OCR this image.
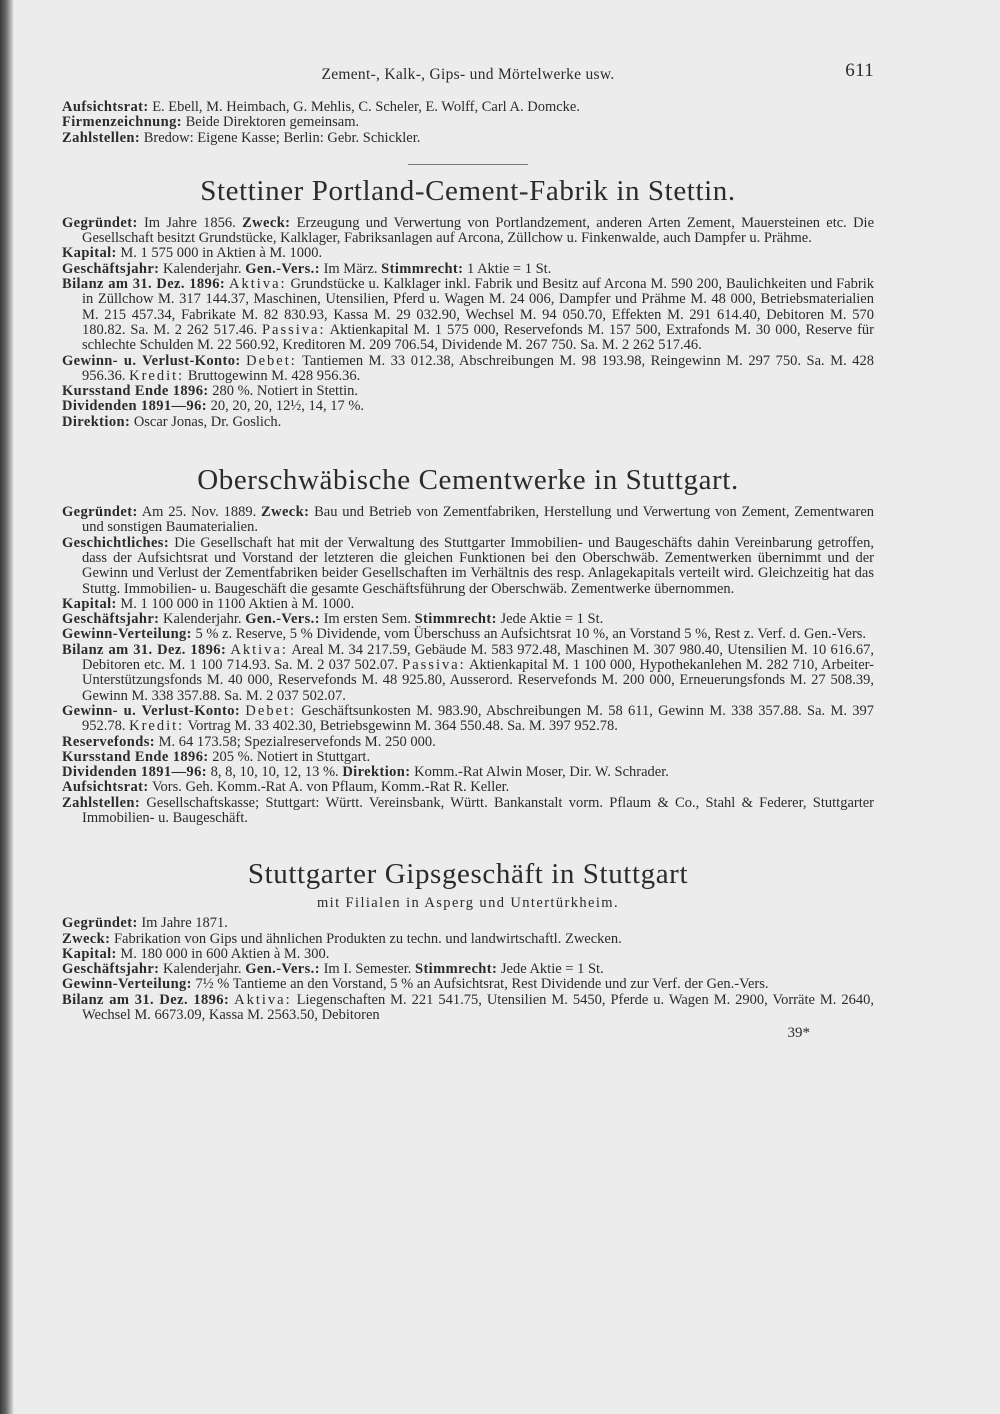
Zement-, Kalk-, Gips- und Mörtelwerke usw.	611

Aufsichtsrat: E. Ebell, M. Heimbach, G. Mehlis, C. Scheler, E. Wolff, Carl A. Domcke.

Firmenzeichnung: Beide Direktoren gemeinsam.

Zahlstellen: Bredow: Eigene Kasse; Berlin: Gebr. Schickler.

Stettiner Portland-Cement-Fabrik in Stettin.

Gegründet: Im Jahre 1856. Zweck: Erzeugung und Verwertung von Portlandzement, anderen Arten Zement, Mauersteinen etc. Die Gesellschaft besitzt Grundstücke, Kalklager, Fabriksanlagen auf Arcona, Züllchow u. Finkenwalde, auch Dampfer u. Prähme.

Kapital: M. 1 575 000 in Aktien à M. 1000.

Geschäftsjahr: Kalenderjahr. Gen.-Vers.: Im März. Stimmrecht: 1 Aktie = 1 St.

Bilanz am 31. Dez. 1896: Aktiva: Grundstücke u. Kalklager inkl. Fabrik und Besitz auf Arcona M. 590 200, Baulichkeiten und Fabrik in Züllchow M. 317 144.37, Maschinen, Utensilien, Pferd u. Wagen M. 24 006, Dampfer und Prähme M. 48 000, Betriebsmaterialien M. 215 457.34, Fabrikate M. 82 830.93, Kassa M. 29 032.90, Wechsel M. 94 050.70, Effekten M. 291 614.40, Debitoren M. 570 180.82. Sa. M. 2 262 517.46. Passiva: Aktienkapital M. 1 575 000, Reservefonds M. 157 500, Extrafonds M. 30 000, Reserve für schlechte Schulden M. 22 560.92, Kreditoren M. 209 706.54, Dividende M. 267 750. Sa. M. 2 262 517.46.

Gewinn- u. Verlust-Konto: Debet: Tantiemen M. 33 012.38, Abschreibungen M. 98 193.98, Reingewinn M. 297 750. Sa. M. 428 956.36. Kredit: Bruttogewinn M. 428 956.36.

Kursstand Ende 1896: 280 %. Notiert in Stettin.

Dividenden 1891—96: 20, 20, 20, 12½, 14, 17 %.

Direktion: Oscar Jonas, Dr. Goslich.

Oberschwäbische Cementwerke in Stuttgart.

Gegründet: Am 25. Nov. 1889. Zweck: Bau und Betrieb von Zementfabriken, Herstellung und Verwertung von Zement, Zementwaren und sonstigen Baumaterialien.

Geschichtliches: Die Gesellschaft hat mit der Verwaltung des Stuttgarter Immobilien- und Baugeschäfts dahin Vereinbarung getroffen, dass der Aufsichtsrat und Vorstand der letzteren die gleichen Funktionen bei den Oberschwäb. Zementwerken übernimmt und der Gewinn und Verlust der Zementfabriken beider Gesellschaften im Verhältnis des resp. Anlagekapitals verteilt wird. Gleichzeitig hat das Stuttg. Immobilien- u. Baugeschäft die gesamte Geschäftsführung der Oberschwäb. Zementwerke übernommen.

Kapital: M. 1 100 000 in 1100 Aktien à M. 1000.

Geschäftsjahr: Kalenderjahr. Gen.-Vers.: Im ersten Sem. Stimmrecht: Jede Aktie = 1 St.

Gewinn-Verteilung: 5 % z. Reserve, 5 % Dividende, vom Überschuss an Aufsichtsrat 10 %, an Vorstand 5 %, Rest z. Verf. d. Gen.-Vers.

Bilanz am 31. Dez. 1896: Aktiva: Areal M. 34 217.59, Gebäude M. 583 972.48, Maschinen M. 307 980.40, Utensilien M. 10 616.67, Debitoren etc. M. 1 100 714.93. Sa. M. 2 037 502.07. Passiva: Aktienkapital M. 1 100 000, Hypothekanlehen M. 282 710, Arbeiter-Unterstützungsfonds M. 40 000, Reservefonds M. 48 925.80, Ausserord. Reservefonds M. 200 000, Erneuerungsfonds M. 27 508.39, Gewinn M. 338 357.88. Sa. M. 2 037 502.07.

Gewinn- u. Verlust-Konto: Debet: Geschäftsunkosten M. 983.90, Abschreibungen M. 58 611, Gewinn M. 338 357.88. Sa. M. 397 952.78. Kredit: Vortrag M. 33 402.30, Betriebsgewinn M. 364 550.48. Sa. M. 397 952.78.

Reservefonds: M. 64 173.58; Spezialreservefonds M. 250 000.

Kursstand Ende 1896: 205 %. Notiert in Stuttgart.

Dividenden 1891—96: 8, 8, 10, 10, 12, 13 %. Direktion: Komm.-Rat Alwin Moser, Dir. W. Schrader.

Aufsichtsrat: Vors. Geh. Komm.-Rat A. von Pflaum, Komm.-Rat R. Keller.

Zahlstellen: Gesellschaftskasse; Stuttgart: Württ. Vereinsbank, Württ. Bankanstalt vorm. Pflaum & Co., Stahl & Federer, Stuttgarter Immobilien- u. Baugeschäft.

Stuttgarter Gipsgeschäft in Stuttgart
mit Filialen in Asperg und Untertürkheim.

Gegründet: Im Jahre 1871.

Zweck: Fabrikation von Gips und ähnlichen Produkten zu techn. und landwirtschaftl. Zwecken.

Kapital: M. 180 000 in 600 Aktien à M. 300.

Geschäftsjahr: Kalenderjahr. Gen.-Vers.: Im I. Semester. Stimmrecht: Jede Aktie = 1 St.

Gewinn-Verteilung: 7½ % Tantieme an den Vorstand, 5 % an Aufsichtsrat, Rest Dividende und zur Verf. der Gen.-Vers.

Bilanz am 31. Dez. 1896: Aktiva: Liegenschaften M. 221 541.75, Utensilien M. 5450, Pferde u. Wagen M. 2900, Vorräte M. 2640, Wechsel M. 6673.09, Kassa M. 2563.50, Debitoren

39*
